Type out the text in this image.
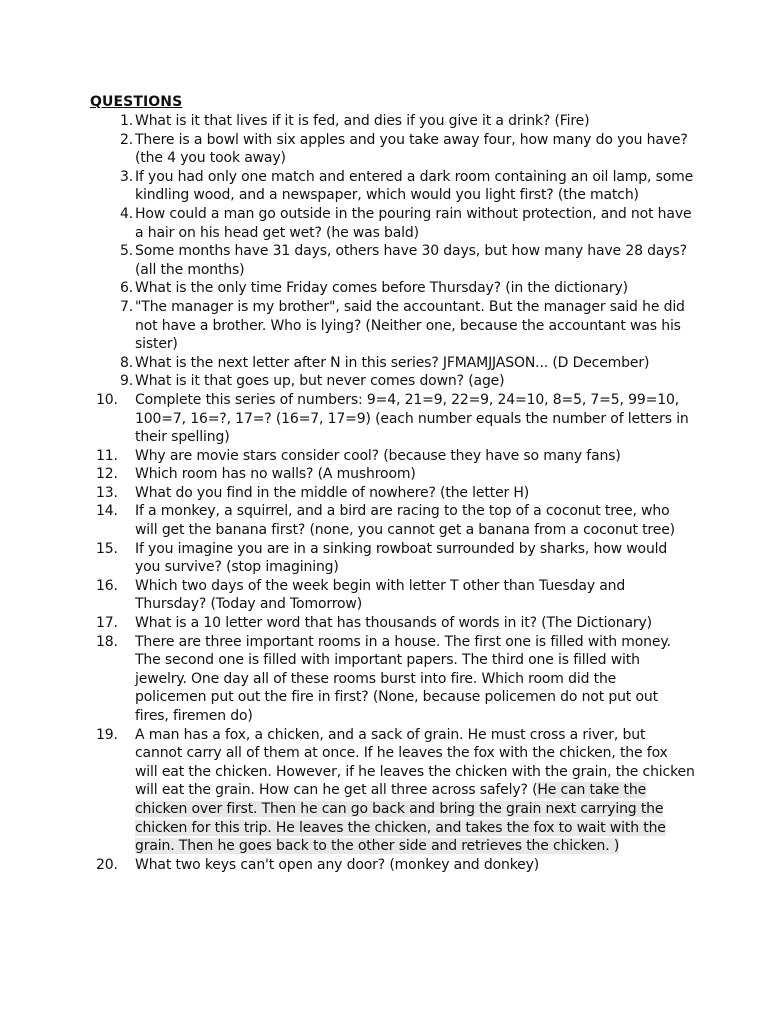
QUESTIONS
1. What is it that lives if it is fed, and dies if you give it a drink? (Fire)
2. There is a bowl with six apples and you take away four, how many do you have?
(the 4 you took away)
3. If you had only one match and entered a dark room containing an oil lamp, some
kindling wood, and a newspaper, which would you light first? (the match)
4. How could a man go outside in the pouring rain without protection, and not have
a hair on his head get wet? (he was bald)
5. Some months have 31 days, others have 30 days, but how many have 28 days?
(all the months)
6. What is the only time Friday comes before Thursday? (in the dictionary)
7. "The manager is my brother", said the accountant. But the manager said he did
not have a brother. Who is lying? (Neither one, because the accountant was his
sister)
8. What is the next letter after N in this series? JFMAMJJASON... (D December)
9. What is it that goes up, but never comes down? (age)
10.	Complete this series of numbers: 9=4, 21=9, 22=9, 24=10, 8=5, 7=5, 99=10,
100=7, 16=?, 17=? (16=7, 17=9) (each number equals the number of letters in
their spelling)
11.	Why are movie stars consider cool? (because they have so many fans)
12.	Which room has no walls? (A mushroom)
13.	What do you find in the middle of nowhere? (the letter H)
14.	If a monkey, a squirrel, and a bird are racing to the top of a coconut tree, who
will get the banana first? (none, you cannot get a banana from a coconut tree)
15.	If you imagine you are in a sinking rowboat surrounded by sharks, how would
you survive? (stop imagining)
16.	Which two days of the week begin with letter T other than Tuesday and
Thursday? (Today and Tomorrow)
17.	What is a 10 letter word that has thousands of words in it? (The Dictionary)
18.	There are three important rooms in a house. The first one is filled with money.
The second one is filled with important papers. The third one is filled with
jewelry. One day all of these rooms burst into fire. Which room did the
policemen put out the fire in first? (None, because policemen do not put out
fires, firemen do)
19.	A man has a fox, a chicken, and a sack of grain. He must cross a river, but
cannot carry all of them at once. If he leaves the fox with the chicken, the fox
will eat the chicken. However, if he leaves the chicken with the grain, the chicken
will eat the grain. How can he get all three across safely? (He can take the
chicken over first. Then he can go back and bring the grain next carrying the
chicken for this trip. He leaves the chicken, and takes the fox to wait with the
grain. Then he goes back to the other side and retrieves the chicken. )
20.	What two keys can't open any door? (monkey and donkey)
